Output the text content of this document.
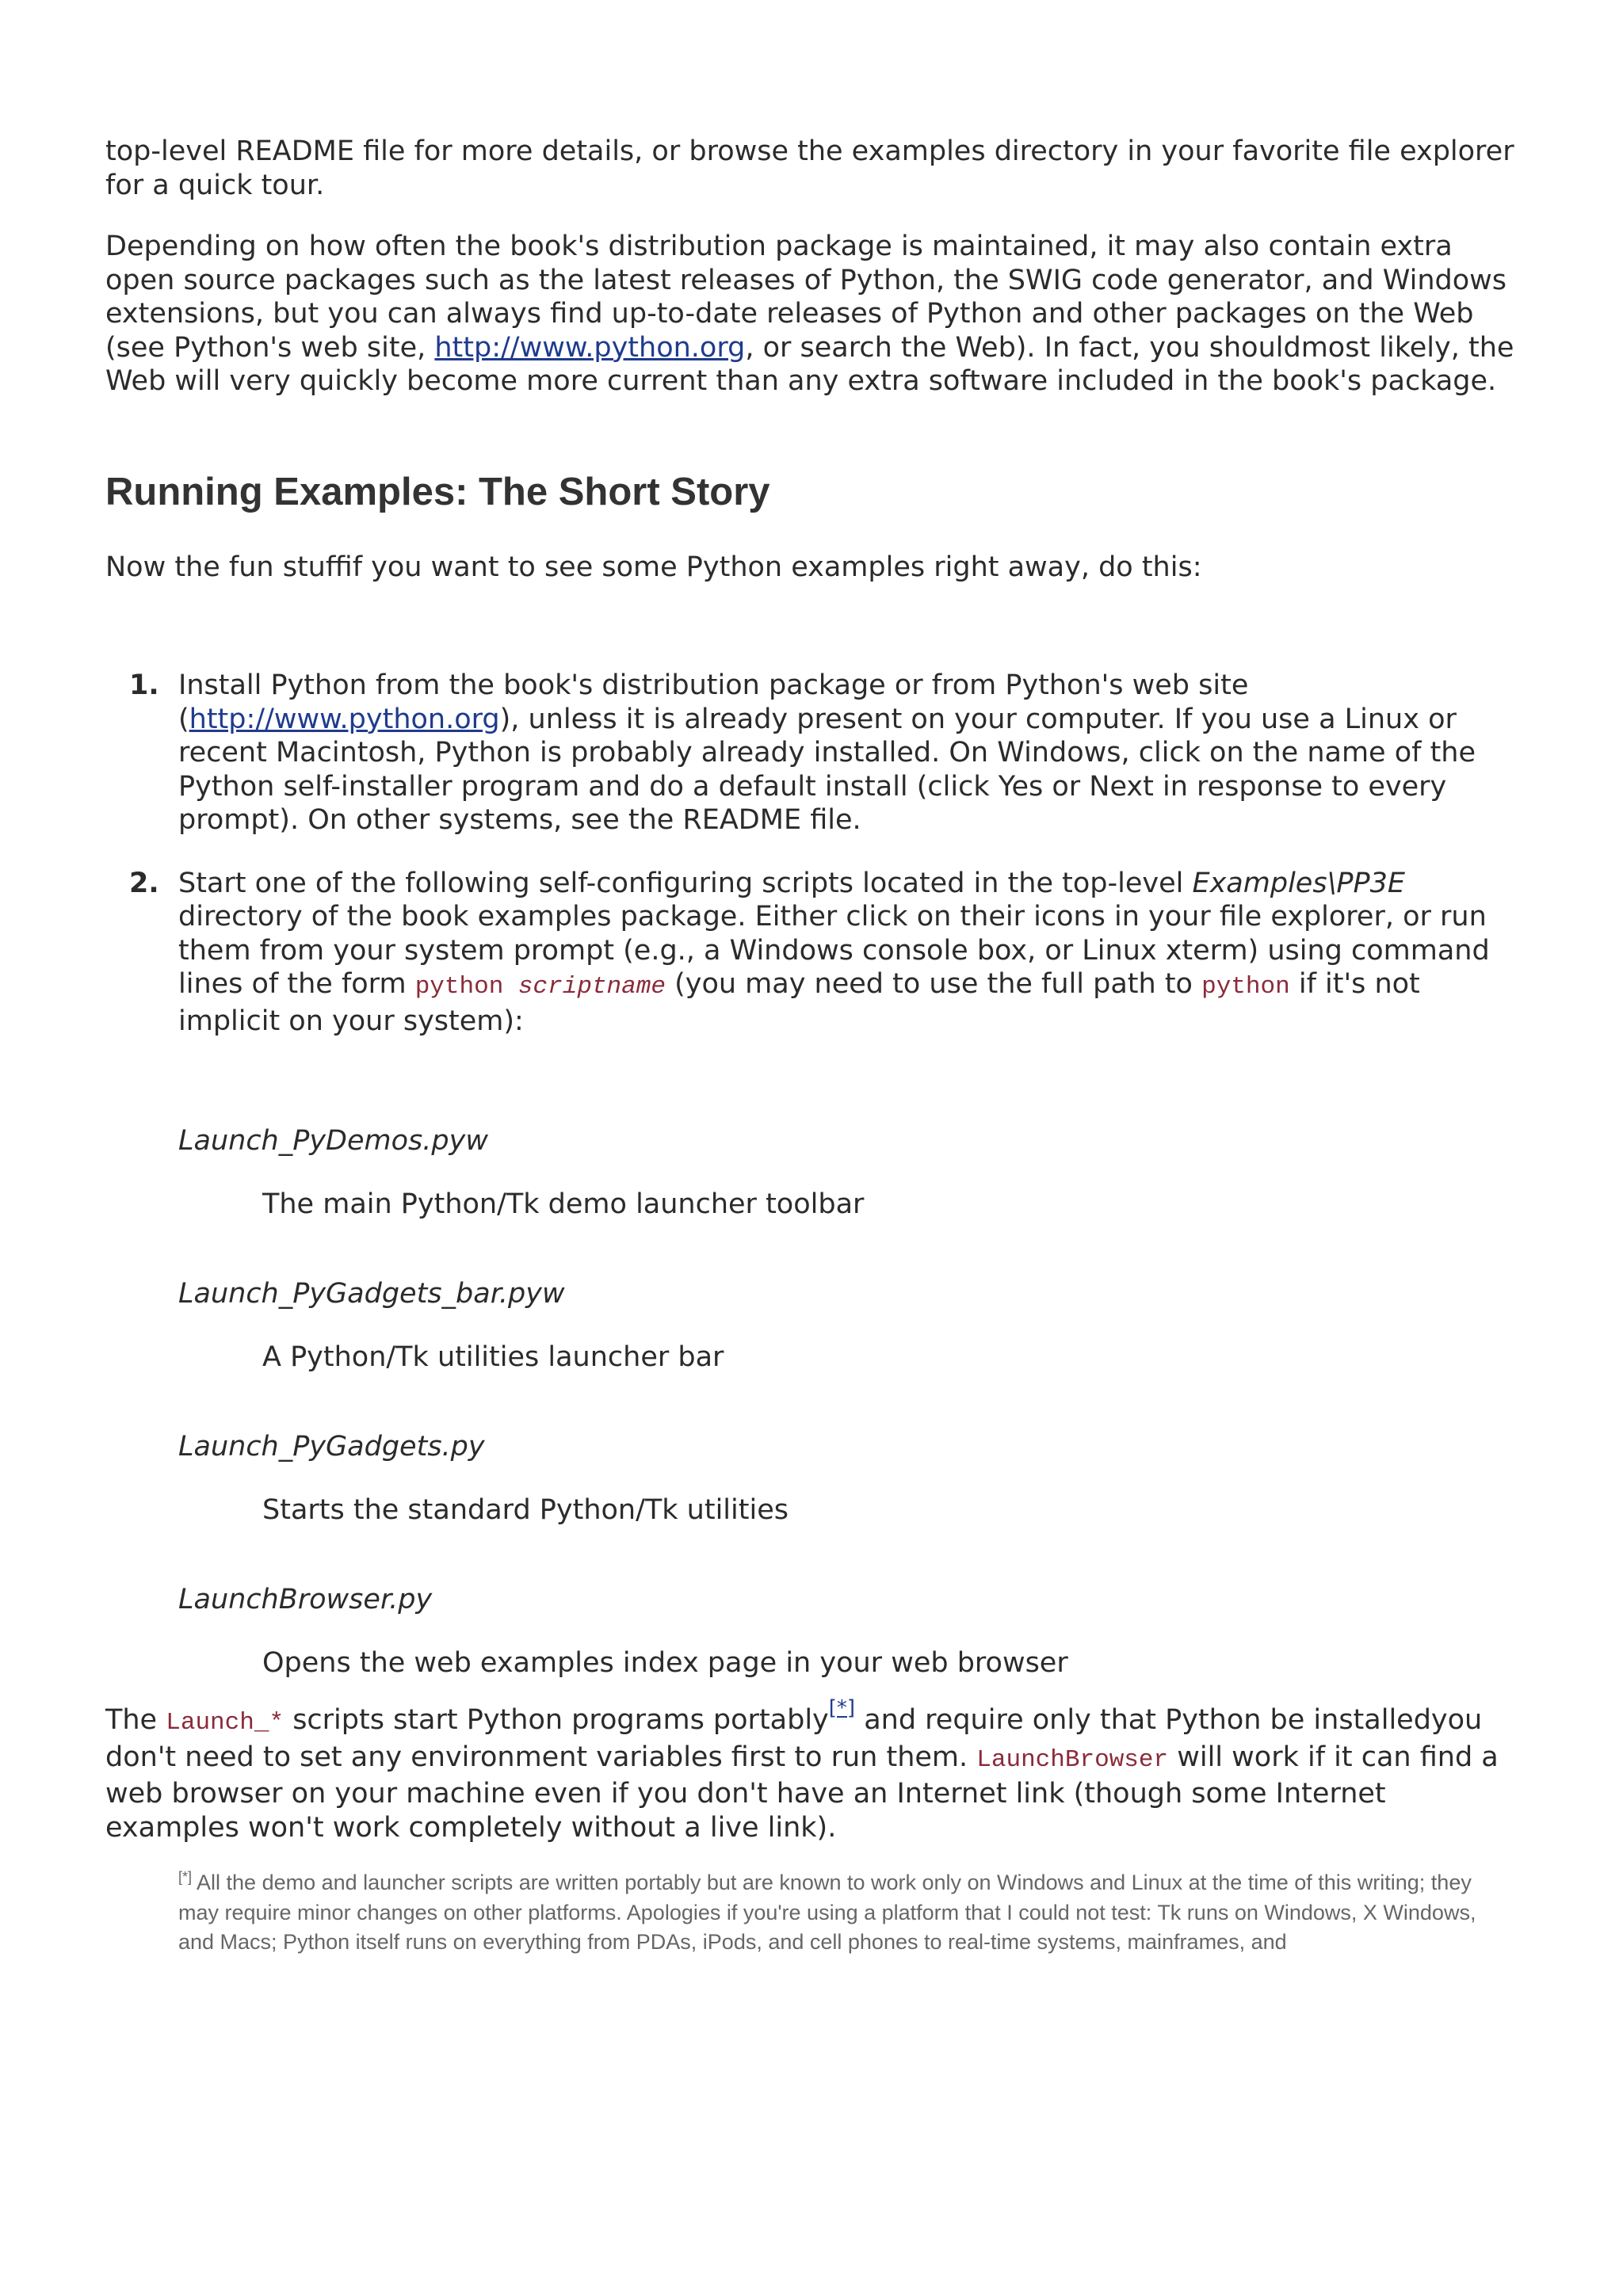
top-level README file for more details, or browse the examples directory in your favorite file explorer for a quick tour.

Depending on how often the book's distribution package is maintained, it may also contain extra open source packages such as the latest releases of Python, the SWIG code generator, and Windows extensions, but you can always find up-to-date releases of Python and other packages on the Web (see Python's web site, http://www.python.org, or search the Web). In fact, you shouldmost likely, the Web will very quickly become more current than any extra software included in the book's package.

Running Examples: The Short Story

Now the fun stuffif you want to see some Python examples right away, do this:

1. Install Python from the book's distribution package or from Python's web site (http://www.python.org), unless it is already present on your computer. If you use a Linux or recent Macintosh, Python is probably already installed. On Windows, click on the name of the Python self-installer program and do a default install (click Yes or Next in response to every prompt). On other systems, see the README file.
2. Start one of the following self-configuring scripts located in the top-level Examples\PP3E directory of the book examples package. Either click on their icons in your file explorer, or run them from your system prompt (e.g., a Windows console box, or Linux xterm) using command lines of the form python scriptname (you may need to use the full path to python if it's not implicit on your system):
Launch_PyDemos.pyw
The main Python/Tk demo launcher toolbar
Launch_PyGadgets_bar.pyw
A Python/Tk utilities launcher bar
Launch_PyGadgets.py
Starts the standard Python/Tk utilities
LaunchBrowser.py
Opens the web examples index page in your web browser

The Launch_* scripts start Python programs portably[*] and require only that Python be installedyou don't need to set any environment variables first to run them. LaunchBrowser will work if it can find a web browser on your machine even if you don't have an Internet link (though some Internet examples won't work completely without a live link).

[*] All the demo and launcher scripts are written portably but are known to work only on Windows and Linux at the time of this writing; they may require minor changes on other platforms. Apologies if you're using a platform that I could not test: Tk runs on Windows, X Windows, and Macs; Python itself runs on everything from PDAs, iPods, and cell phones to real-time systems, mainframes, and
